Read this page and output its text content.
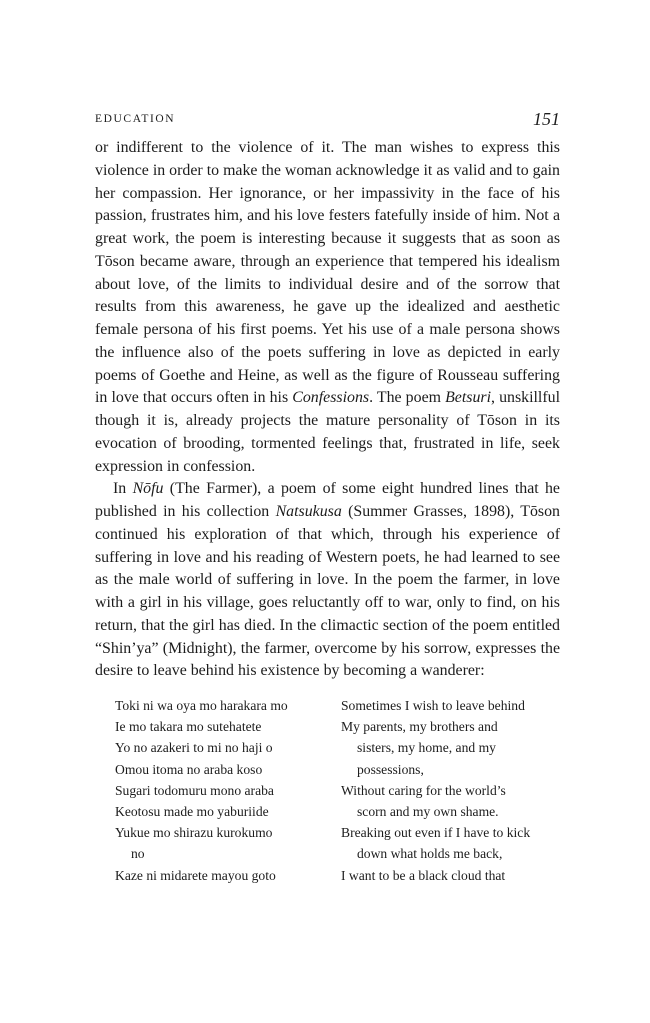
EDUCATION	151

or indifferent to the violence of it. The man wishes to express this violence in order to make the woman acknowledge it as valid and to gain her compassion. Her ignorance, or her impassivity in the face of his passion, frustrates him, and his love festers fatefully inside of him. Not a great work, the poem is interesting because it suggests that as soon as Tōson became aware, through an experience that tempered his idealism about love, of the limits to individual desire and of the sorrow that results from this awareness, he gave up the idealized and aesthetic female persona of his first poems. Yet his use of a male persona shows the influence also of the poets suffering in love as depicted in early poems of Goethe and Heine, as well as the figure of Rousseau suffering in love that occurs often in his Confessions. The poem Betsuri, unskillful though it is, already projects the mature personality of Tōson in its evocation of brooding, tormented feelings that, frustrated in life, seek expression in confession.

In Nōfu (The Farmer), a poem of some eight hundred lines that he published in his collection Natsukusa (Summer Grasses, 1898), Tōson continued his exploration of that which, through his experience of suffering in love and his reading of Western poets, he had learned to see as the male world of suffering in love. In the poem the farmer, in love with a girl in his village, goes reluctantly off to war, only to find, on his return, that the girl has died. In the climactic section of the poem entitled “Shin’ya” (Midnight), the farmer, overcome by his sorrow, expresses the desire to leave behind his existence by becoming a wanderer:

Toki ni wa oya mo harakara mo	Sometimes I wish to leave behind
Ie mo takara mo sutehatete	My parents, my brothers and
Yo no azakeri to mi no haji o	sisters, my home, and my
Omou itoma no araba koso	possessions,
Sugari todomuru mono araba	Without caring for the world’s
Keotosu made mo yaburiide	scorn and my own shame.
Yukue mo shirazu kurokumo	Breaking out even if I have to kick
no	down what holds me back,
Kaze ni midarete mayou goto	I want to be a black cloud that
